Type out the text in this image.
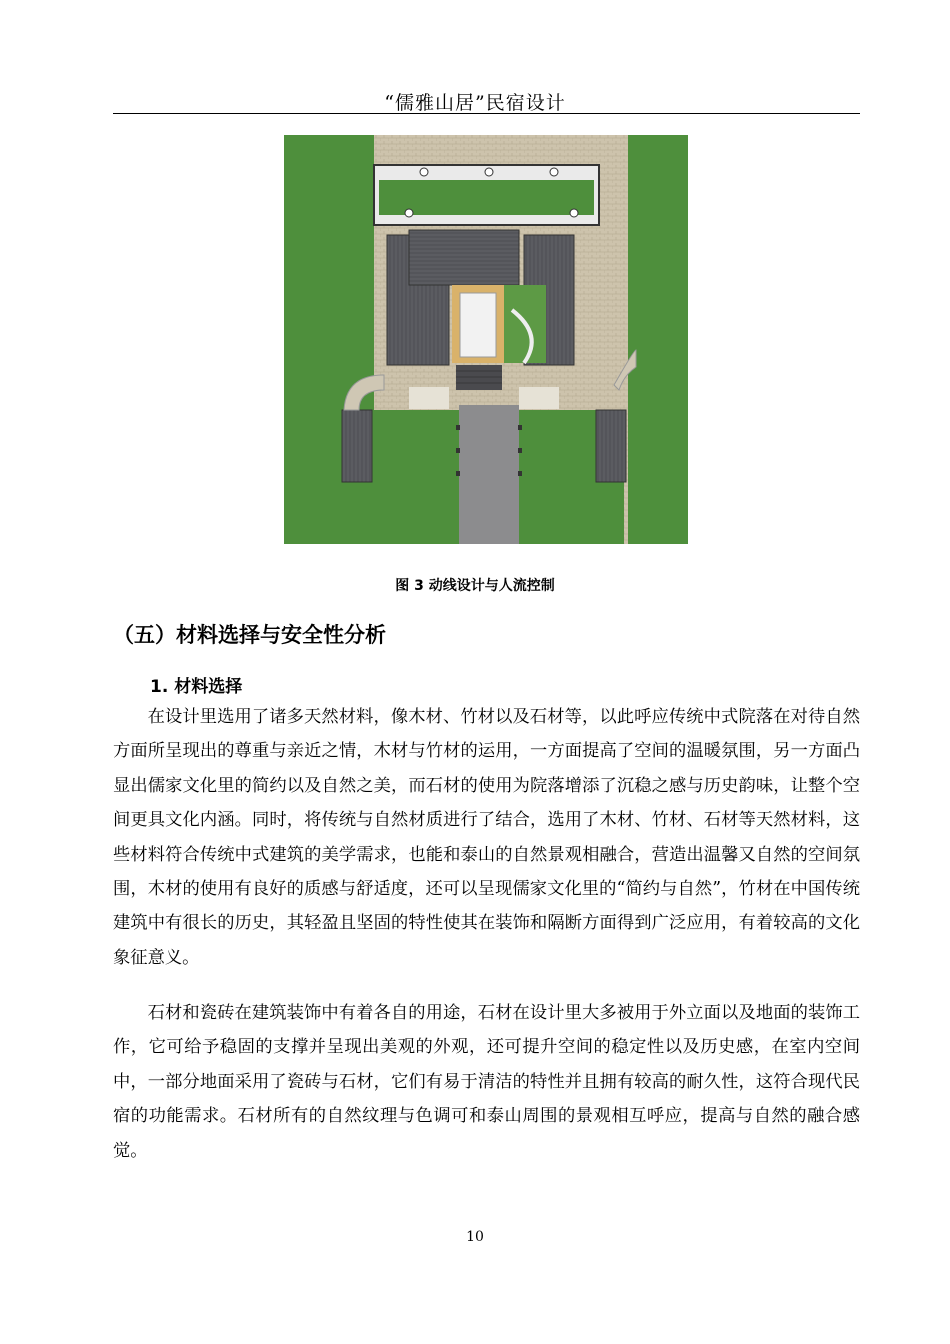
“儒雅山居”民宿设计
图 3 动线设计与人流控制
（五）材料选择与安全性分析
1. 材料选择

在设计里选用了诸多天然材料，像木材、竹材以及石材等，以此呼应传统中式院落在对待自然方面所呈现出的尊重与亲近之情，木材与竹材的运用，一方面提高了空间的温暖氛围，另一方面凸显出儒家文化里的简约以及自然之美，而石材的使用为院落增添了沉稳之感与历史韵味，让整个空间更具文化内涵。同时，将传统与自然材质进行了结合，选用了木材、竹材、石材等天然材料，这些材料符合传统中式建筑的美学需求，也能和泰山的自然景观相融合，营造出温馨又自然的空间氛围，木材的使用有良好的质感与舒适度，还可以呈现儒家文化里的“简约与自然”，竹材在中国传统建筑中有很长的历史，其轻盈且坚固的特性使其在装饰和隔断方面得到广泛应用，有着较高的文化象征意义。

石材和瓷砖在建筑装饰中有着各自的用途，石材在设计里大多被用于外立面以及地面的装饰工作，它可给予稳固的支撑并呈现出美观的外观，还可提升空间的稳定性以及历史感，在室内空间中，一部分地面采用了瓷砖与石材，它们有易于清洁的特性并且拥有较高的耐久性，这符合现代民宿的功能需求。石材所有的自然纹理与色调可和泰山周围的景观相互呼应，提高与自然的融合感觉。

10
